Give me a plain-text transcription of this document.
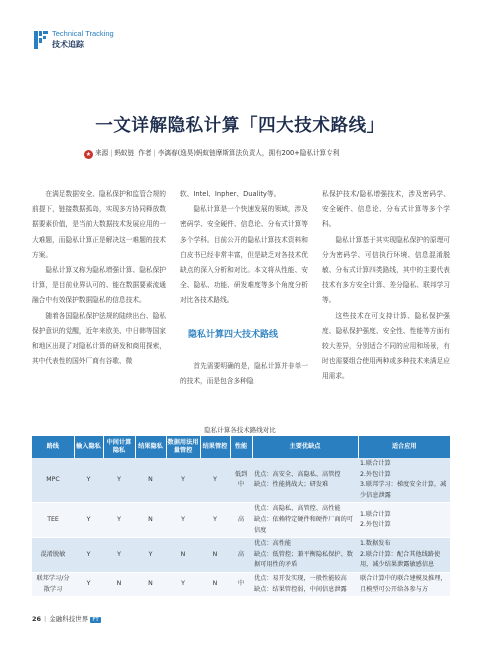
Technical Tracking
技术追踪
一文详解隐私计算「四大技术路线」
★ 来源 | 蚂蚁链 作者 | 李漓春(逸昊)蚂蚁链摩斯算法负责人，拥有200+隐私计算专利

在满足数据安全、隐私保护和监管合规的前提下，链接数据孤岛，实现多方协同释放数据要素价值，是当前大数据技术发展应用的一大难题，而隐私计算正是解决这一难题的技术方案。

隐私计算又称为隐私增强计算、隐私保护计算，是目前业界认可的、能在数据要素流通融合中有效保护数据隐私的信息技术。

随着各国隐私保护法规的陆续出台、隐私保护意识的觉醒，近年来欧美、中日韩等国家和地区出现了对隐私计算的研发和商用探索，其中代表性的国外厂商有谷歌、微

软、Intel、Inpher、Duality等。

隐私计算是一个快速发展的领域，涉及密码学、安全硬件、信息论、分布式计算等多个学科。目前公开的隐私计算技术资料和白皮书已经非常丰富，但是缺乏对各技术优缺点的深入分析和对比。本文将从性能、安全、隐私、功能、研发难度等多个角度分析对比各技术路线。

隐私计算四大技术路线

首先需要明确的是，隐私计算并非单一的技术，而是包含多种隐

私保护技术/隐私增强技术，涉及密码学、安全硬件、信息论、分布式计算等多个学科。

隐私计算基于其实现隐私保护的原理可分为密码学、可信执行环境、信息混淆脱敏、分布式计算四类路线，其中的主要代表技术有多方安全计算、差分隐私、联邦学习等。

这些技术在可支持计算、隐私保护强度、隐私保护强度、安全性、性能等方面有较大差异，分别适合不同的应用和场景，有时也需要组合使用两种或多种技术来满足应用需求。

隐私计算各技术路线对比
路线	输入隐私	中间计算隐私	结果隐私	数据用法用量管控	结果管控	性能	主要优缺点	适合应用
MPC	Y	Y	N	Y	Y	低到中	优点：高安全、高隐私、高管控
缺点：性能挑战大；研发难	1.联合计算
2.外包计算
3.联邦学习：梯度安全计算，减少信息泄露
TEE	Y	Y	N	Y	Y	高	优点：高隐私、高管控、高性能
缺点：依赖特定硬件和硬件厂商的可信度	1.联合计算
2.外包计算
混淆脱敏	Y	Y	Y	N	N	高	优点：高性能
缺点：低管控；兼平衡隐私保护、数据可用性的矛盾	1.数据发布
2.联合计算：配合其他线路使用，减少结果泄露敏感信息
联邦学习/分散学习	Y	N	N	Y	N	中	优点：易开发实现，一般性能较高
缺点：结果管控弱，中间信息泄露	联合计算中的联合建模及推理，且模型可公开给各参与方
26 | 金融科技世界 FT
